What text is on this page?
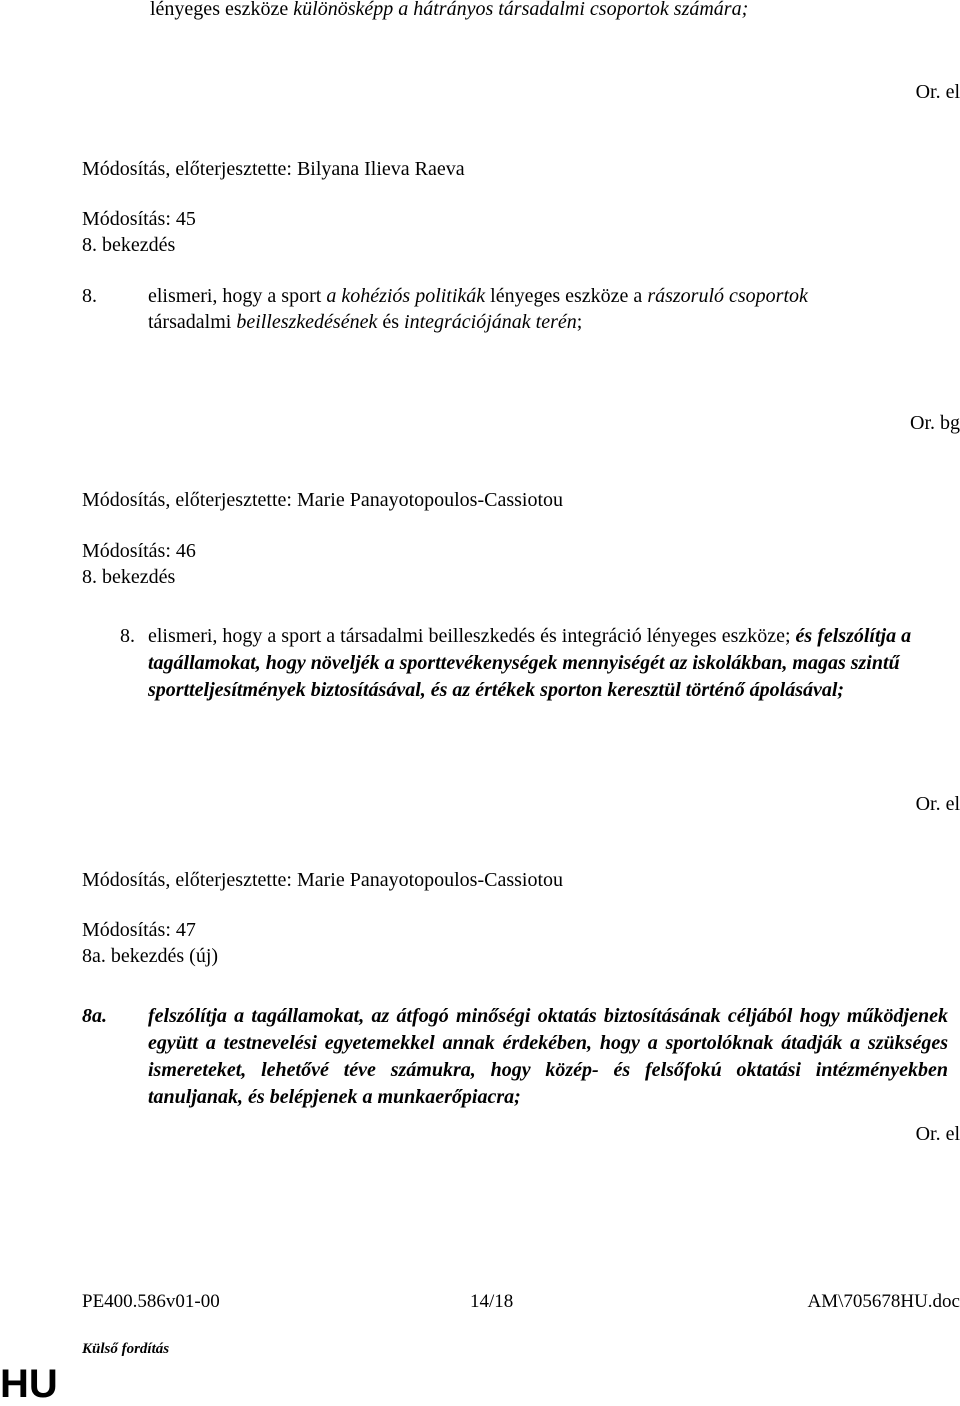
lényeges eszköze különösképp a hátrányos társadalmi csoportok számára;
Or. el
Módosítás, előterjesztette: Bilyana Ilieva Raeva
Módosítás: 45
8. bekezdés
8.	elismeri, hogy a sport a kohéziós politikák lényeges eszköze a rászoruló csoportok
társadalmi beilleszkedésének és integrációjának terén;
Or. bg
Módosítás, előterjesztette: Marie Panayotopoulos-Cassiotou
Módosítás: 46
8. bekezdés
8. elismeri, hogy a sport a társadalmi beilleszkedés és integráció lényeges eszköze; és felszólítja a tagállamokat, hogy növeljék a sporttevékenységek mennyiségét az iskolákban, magas szintű sportteljesítmények biztosításával, és az értékek sporton keresztül történő ápolásával;
Or. el
Módosítás, előterjesztette: Marie Panayotopoulos-Cassiotou
Módosítás: 47
8a. bekezdés (új)
8a. felszólítja a tagállamokat, az átfogó minőségi oktatás biztosításának céljából hogy működjenek együtt a testnevelési egyetemekkel annak érdekében, hogy a sportolóknak átadják a szükséges ismereteket, lehetővé téve számukra, hogy közép- és felsőfokú oktatási intézményekben tanuljanak, és belépjenek a munkaerőpiacra;
Or. el
PE400.586v01-00	14/18	AM\705678HU.doc
Külső fordítás
HU
